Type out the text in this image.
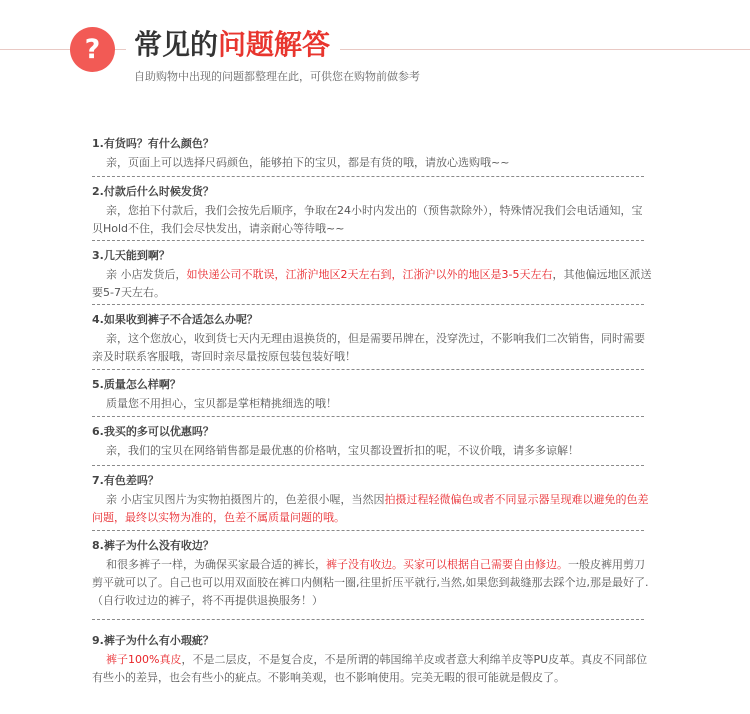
?	常见的问题解答
自助购物中出现的问题都整理在此，可供您在购物前做参考
1.有货吗？有什么颜色？
亲，页面上可以选择尺码颜色，能够拍下的宝贝，都是有货的哦，请放心选购哦~~
2.付款后什么时候发货？
亲，您拍下付款后，我们会按先后顺序，争取在24小时内发出的（预售款除外），特殊情况我们会电话通知，宝贝Hold不住，我们会尽快发出，请亲耐心等待哦~~
3.几天能到啊？
亲 小店发货后，如快递公司不耽误，江浙沪地区2天左右到，江浙沪以外的地区是3-5天左右，其他偏远地区派送要5-7天左右。
4.如果收到裤子不合适怎么办呢？
亲，这个您放心，收到货七天内无理由退换货的，但是需要吊牌在，没穿洗过，不影响我们二次销售，同时需要亲及时联系客服哦，寄回时亲尽量按原包装包装好哦！
5.质量怎么样啊？
质量您不用担心，宝贝都是掌柜精挑细选的哦！
6.我买的多可以优惠吗？
亲，我们的宝贝在网络销售都是最优惠的价格呐，宝贝都设置折扣的呢，不议价哦，请多多谅解！
7.有色差吗？
亲 小店宝贝图片为实物拍摄图片的，色差很小喔，当然因拍摄过程轻微偏色或者不同显示器呈现难以避免的色差问题，最终以实物为准的，色差不属质量问题的哦。
8.裤子为什么没有收边？
和很多裤子一样，为确保买家最合适的裤长，裤子没有收边。买家可以根据自己需要自由修边。一般皮裤用剪刀剪平就可以了。自己也可以用双面胶在裤口内侧粘一圈,往里折压平就行,当然,如果您到裁缝那去踩个边,那是最好了.（自行收过边的裤子，将不再提供退换服务！）
9.裤子为什么有小瑕疵？
裤子100%真皮，不是二层皮，不是复合皮，不是所谓的韩国绵羊皮或者意大利绵羊皮等PU皮革。真皮不同部位有些小的差异，也会有些小的疵点。不影响美观，也不影响使用。完美无暇的很可能就是假皮了。
